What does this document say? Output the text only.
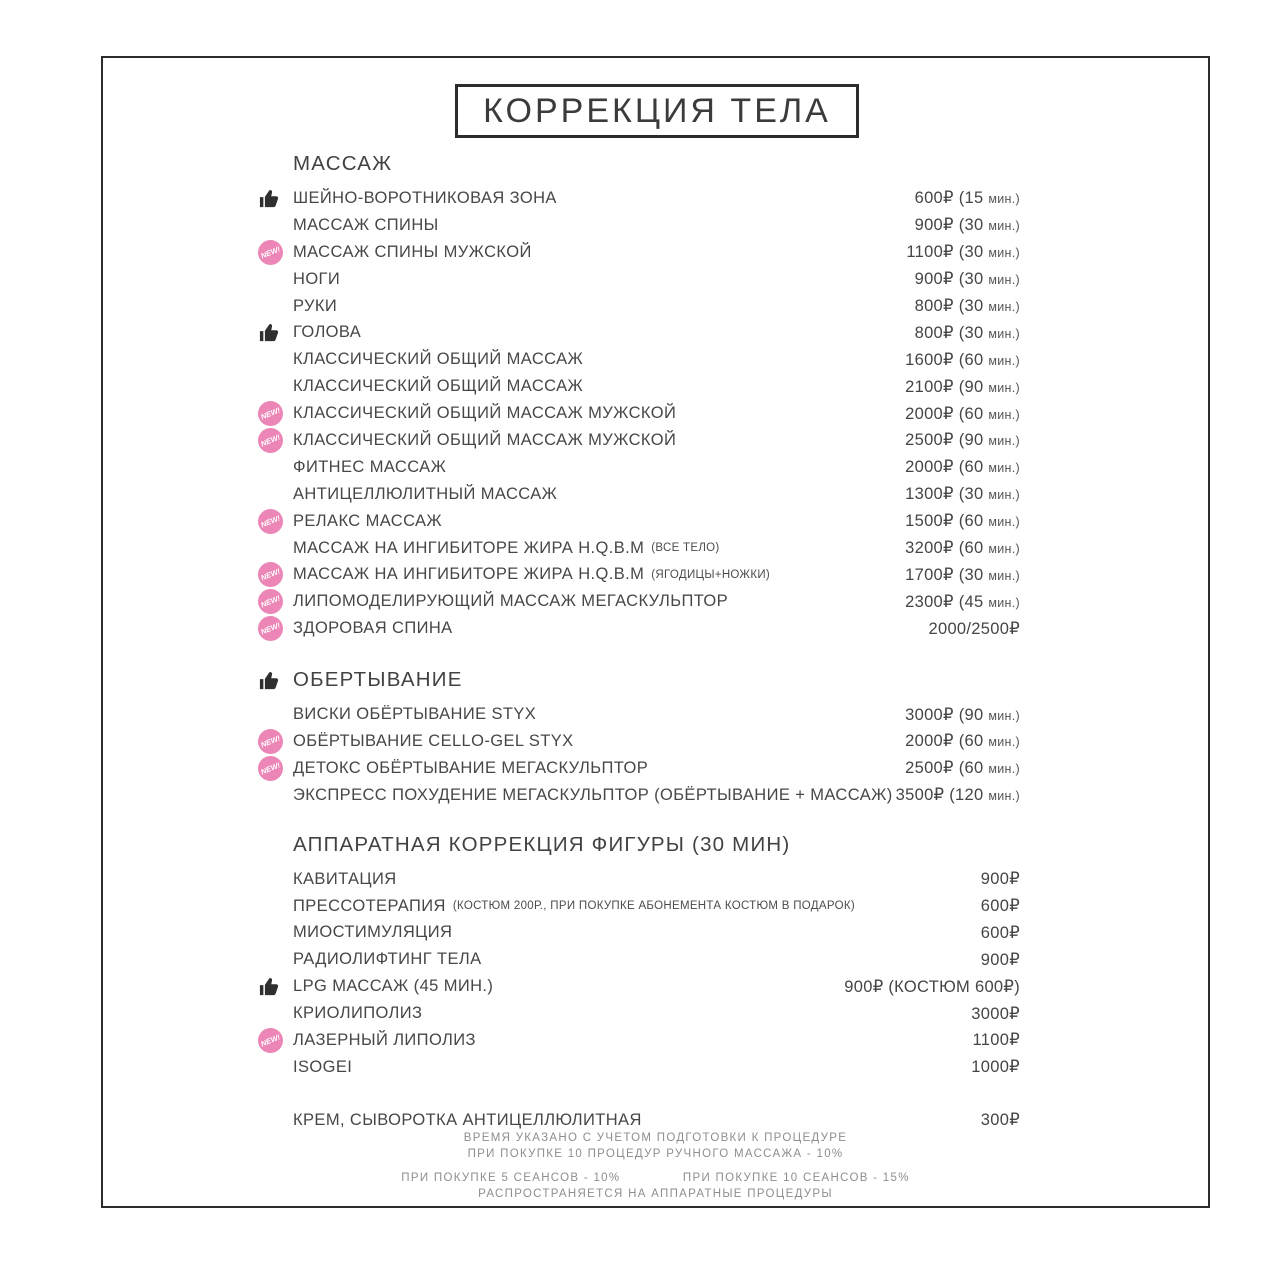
КОРРЕКЦИЯ ТЕЛА
МАССАЖ
ШЕЙНО-ВОРОТНИКОВАЯ ЗОНА	600₽ (15 мин.)
МАССАЖ СПИНЫ	900₽ (30 мин.)
NEW! МАССАЖ СПИНЫ МУЖСКОЙ	1100₽ (30 мин.)
НОГИ	900₽ (30 мин.)
РУКИ	800₽ (30 мин.)
ГОЛОВА	800₽ (30 мин.)
КЛАССИЧЕСКИЙ ОБЩИЙ МАССАЖ	1600₽ (60 мин.)
КЛАССИЧЕСКИЙ ОБЩИЙ МАССАЖ	2100₽ (90 мин.)
NEW! КЛАССИЧЕСКИЙ ОБЩИЙ МАССАЖ МУЖСКОЙ	2000₽ (60 мин.)
NEW! КЛАССИЧЕСКИЙ ОБЩИЙ МАССАЖ МУЖСКОЙ	2500₽ (90 мин.)
ФИТНЕС МАССАЖ	2000₽ (60 мин.)
АНТИЦЕЛЛЮЛИТНЫЙ МАССАЖ	1300₽ (30 мин.)
NEW! РЕЛАКС МАССАЖ	1500₽ (60 мин.)
МАССАЖ НА ИНГИБИТОРЕ ЖИРА H.Q.B.M (ВСЕ ТЕЛО)	3200₽ (60 мин.)
NEW! МАССАЖ НА ИНГИБИТОРЕ ЖИРА H.Q.B.M (ЯГОДИЦЫ+НОЖКИ)	1700₽ (30 мин.)
NEW! ЛИПОМОДЕЛИРУЮЩИЙ МАССАЖ МЕГАСКУЛЬПТОР	2300₽ (45 мин.)
NEW! ЗДОРОВАЯ СПИНА	2000/2500₽
ОБЕРТЫВАНИЕ
ВИСКИ ОБЁРТЫВАНИЕ STYX	3000₽ (90 мин.)
NEW! ОБЁРТЫВАНИЕ CELLO-GEL STYX	2000₽ (60 мин.)
NEW! ДЕТОКС ОБЁРТЫВАНИЕ МЕГАСКУЛЬПТОР	2500₽ (60 мин.)
ЭКСПРЕСС ПОХУДЕНИЕ МЕГАСКУЛЬПТОР (ОБЁРТЫВАНИЕ + МАССАЖ) 3500₽ (120 мин.)
АППАРАТНАЯ КОРРЕКЦИЯ ФИГУРЫ (30 МИН)
КАВИТАЦИЯ	900₽
ПРЕССОТЕРАПИЯ (КОСТЮМ 200Р., ПРИ ПОКУПКЕ АБОНЕМЕНТА КОСТЮМ В ПОДАРОК)	600₽
МИОСТИМУЛЯЦИЯ	600₽
РАДИОЛИФТИНГ ТЕЛА	900₽
LPG МАССАЖ (45 МИН.)	900₽ (КОСТЮМ 600₽)
КРИОЛИПОЛИЗ	3000₽
NEW! ЛАЗЕРНЫЙ ЛИПОЛИЗ	1100₽
ISOGEI	1000₽
КРЕМ, СЫВОРОТКА АНТИЦЕЛЛЮЛИТНАЯ	300₽
ВРЕМЯ УКАЗАНО С УЧЕТОМ ПОДГОТОВКИ К ПРОЦЕДУРЕ
ПРИ ПОКУПКЕ 10 ПРОЦЕДУР РУЧНОГО МАССАЖА - 10%
ПРИ ПОКУПКЕ 5 СЕАНСОВ - 10%	ПРИ ПОКУПКЕ 10 СЕАНСОВ - 15%
РАСПРОСТРАНЯЕТСЯ НА АППАРАТНЫЕ ПРОЦЕДУРЫ
